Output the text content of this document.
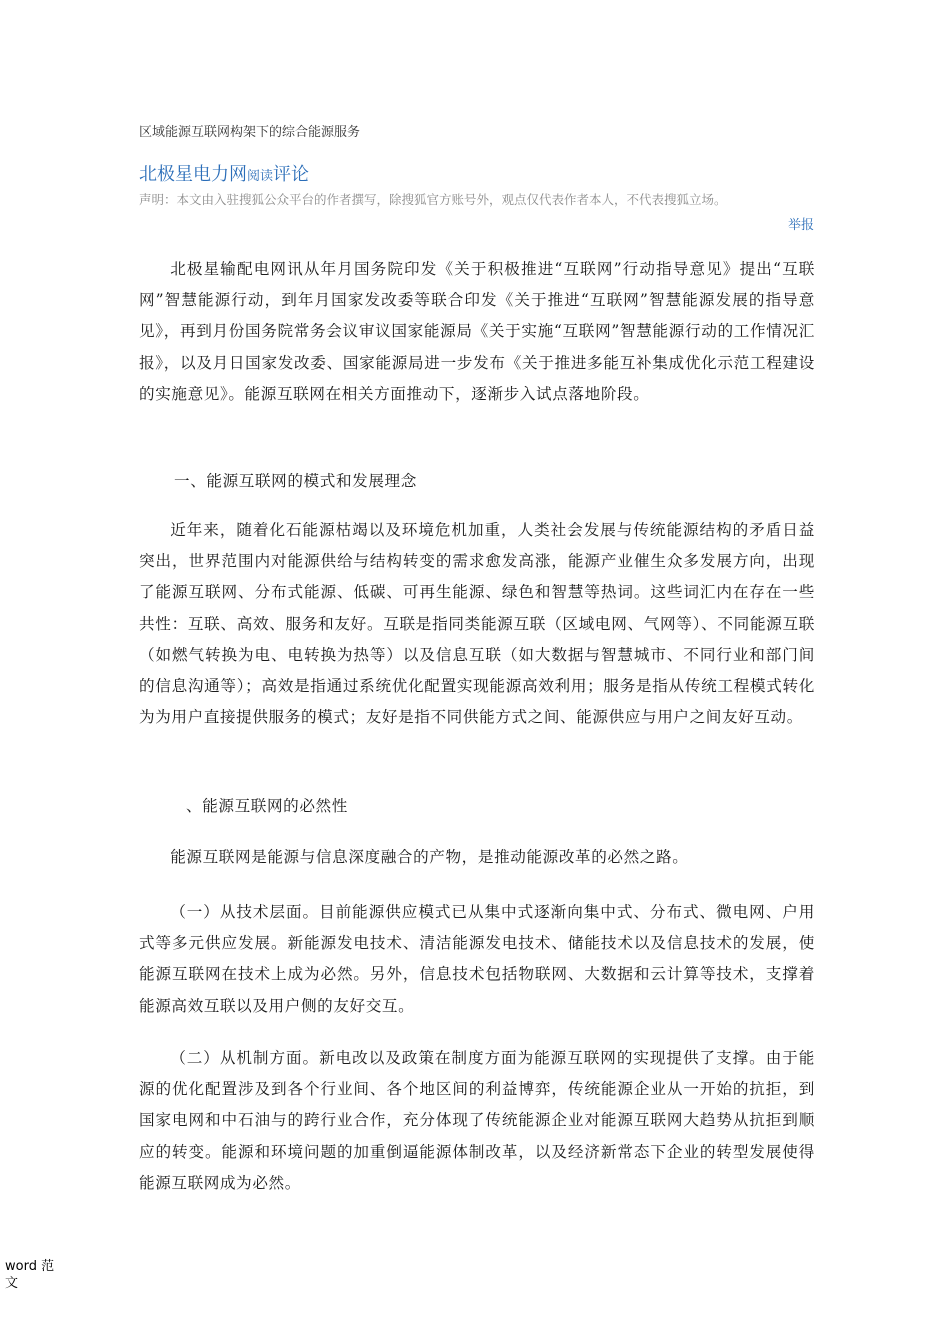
区域能源互联网构架下的综合能源服务
北极星电力网阅读评论
声明：本文由入驻搜狐公众平台的作者撰写，除搜狐官方账号外，观点仅代表作者本人，不代表搜狐立场。
举报

北极星输配电网讯从年月国务院印发《关于积极推进“互联网”行动指导意见》提出“互联网”智慧能源行动，到年月国家发改委等联合印发《关于推进“互联网”智慧能源发展的指导意见》，再到月份国务院常务会议审议国家能源局《关于实施“互联网”智慧能源行动的工作情况汇报》，以及月日国家发改委、国家能源局进一步发布《关于推进多能互补集成优化示范工程建设的实施意见》。能源互联网在相关方面推动下，逐渐步入试点落地阶段。

一、能源互联网的模式和发展理念

近年来，随着化石能源枯竭以及环境危机加重，人类社会发展与传统能源结构的矛盾日益突出，世界范围内对能源供给与结构转变的需求愈发高涨，能源产业催生众多发展方向，出现了能源互联网、分布式能源、低碳、可再生能源、绿色和智慧等热词。这些词汇内在存在一些共性：互联、高效、服务和友好。互联是指同类能源互联（区域电网、气网等）、不同能源互联（如燃气转换为电、电转换为热等）以及信息互联（如大数据与智慧城市、不同行业和部门间的信息沟通等）；高效是指通过系统优化配置实现能源高效利用；服务是指从传统工程模式转化为为用户直接提供服务的模式；友好是指不同供能方式之间、能源供应与用户之间友好互动。

、能源互联网的必然性

能源互联网是能源与信息深度融合的产物，是推动能源改革的必然之路。

（一）从技术层面。目前能源供应模式已从集中式逐渐向集中式、分布式、微电网、户用式等多元供应发展。新能源发电技术、清洁能源发电技术、储能技术以及信息技术的发展，使能源互联网在技术上成为必然。另外，信息技术包括物联网、大数据和云计算等技术，支撑着能源高效互联以及用户侧的友好交互。

（二）从机制方面。新电改以及政策在制度方面为能源互联网的实现提供了支撑。由于能源的优化配置涉及到各个行业间、各个地区间的利益博弈，传统能源企业从一开始的抗拒，到国家电网和中石油与的跨行业合作，充分体现了传统能源企业对能源互联网大趋势从抗拒到顺应的转变。能源和环境问题的加重倒逼能源体制改革，以及经济新常态下企业的转型发展使得能源互联网成为必然。

word 范文
